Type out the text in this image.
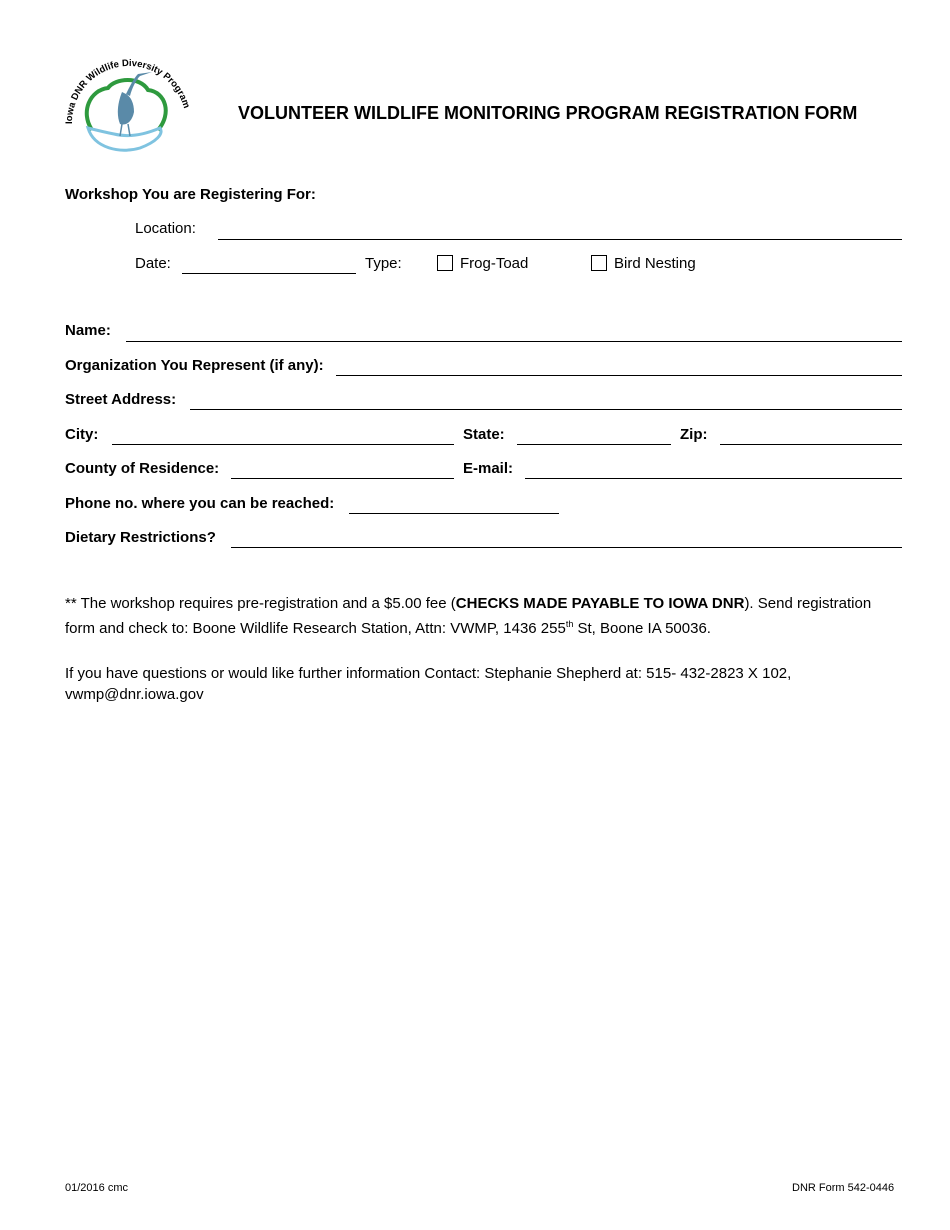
Iowa DNR Wildlife Diversity Program	VOLUNTEER WILDLIFE MONITORING PROGRAM REGISTRATION FORM
Workshop You are Registering For:
Location:
Date:	Type:	Frog-Toad	Bird Nesting
Name:
Organization You Represent (if any):
Street Address:
City:	State:	Zip:
County of Residence:	E-mail:
Phone no. where you can be reached:
Dietary Restrictions?
** The workshop requires pre-registration and a $5.00 fee (CHECKS MADE PAYABLE TO IOWA DNR). Send registration form and check to: Boone Wildlife Research Station, Attn: VWMP, 1436 255th St, Boone IA 50036.
If you have questions or would like further information Contact: Stephanie Shepherd at: 515- 432-2823 X 102, vwmp@dnr.iowa.gov
01/2016 cmc	DNR Form 542-0446
